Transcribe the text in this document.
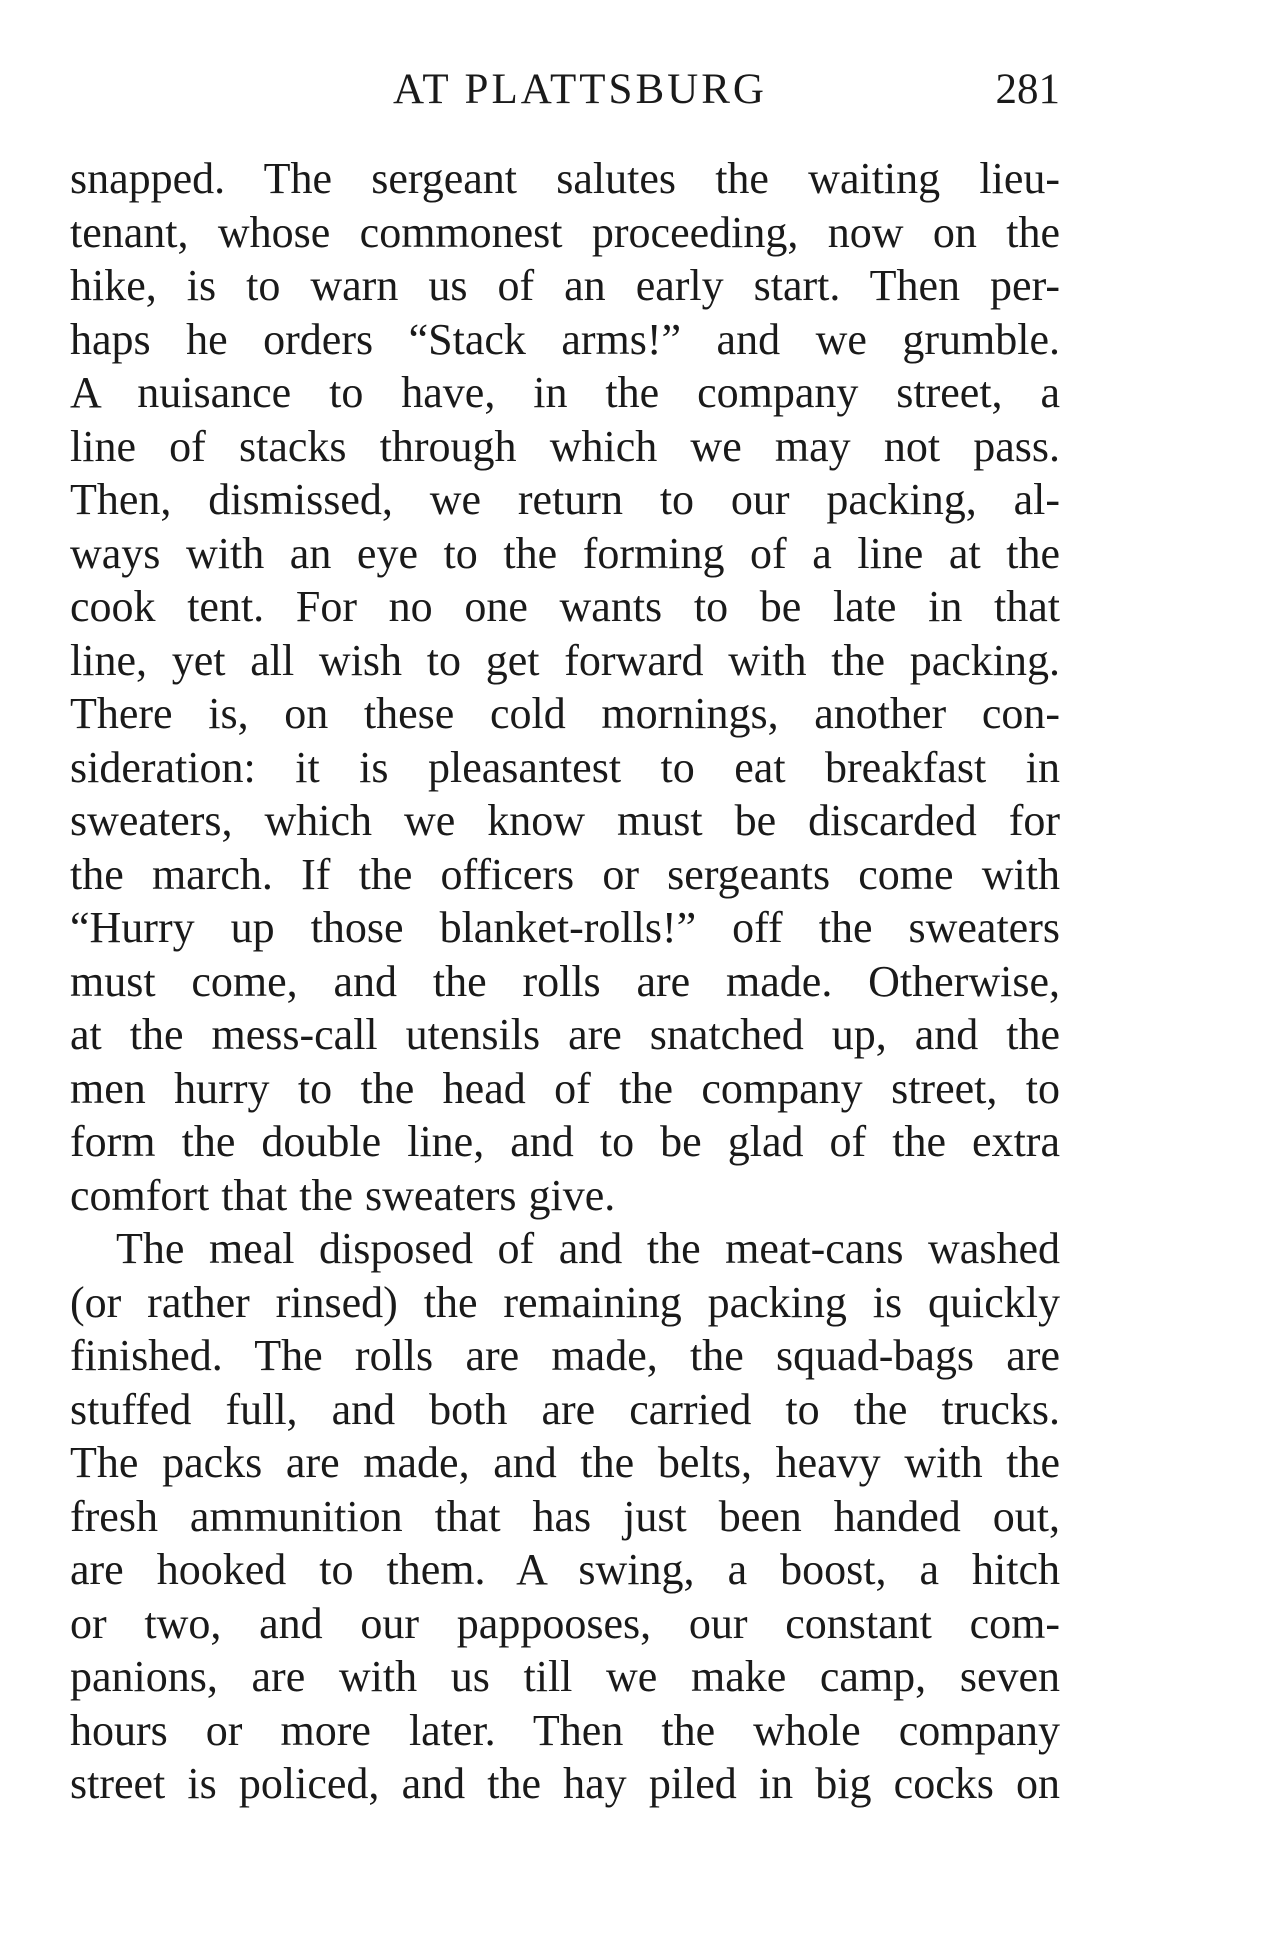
AT PLATTSBURG	281
snapped. The sergeant salutes the waiting lieu-
tenant, whose commonest proceeding, now on the
hike, is to warn us of an early start. Then per-
haps he orders “Stack arms!” and we grumble.
A nuisance to have, in the company street, a
line of stacks through which we may not pass.
Then, dismissed, we return to our packing, al-
ways with an eye to the forming of a line at the
cook tent. For no one wants to be late in that
line, yet all wish to get forward with the packing.
There is, on these cold mornings, another con-
sideration: it is pleasantest to eat breakfast in
sweaters, which we know must be discarded for
the march. If the officers or sergeants come with
“Hurry up those blanket-rolls!” off the sweaters
must come, and the rolls are made. Otherwise,
at the mess-call utensils are snatched up, and the
men hurry to the head of the company street, to
form the double line, and to be glad of the extra
comfort that the sweaters give.
The meal disposed of and the meat-cans washed
(or rather rinsed) the remaining packing is quickly
finished. The rolls are made, the squad-bags are
stuffed full, and both are carried to the trucks.
The packs are made, and the belts, heavy with the
fresh ammunition that has just been handed out,
are hooked to them. A swing, a boost, a hitch
or two, and our pappooses, our constant com-
panions, are with us till we make camp, seven
hours or more later. Then the whole company
street is policed, and the hay piled in big cocks on
